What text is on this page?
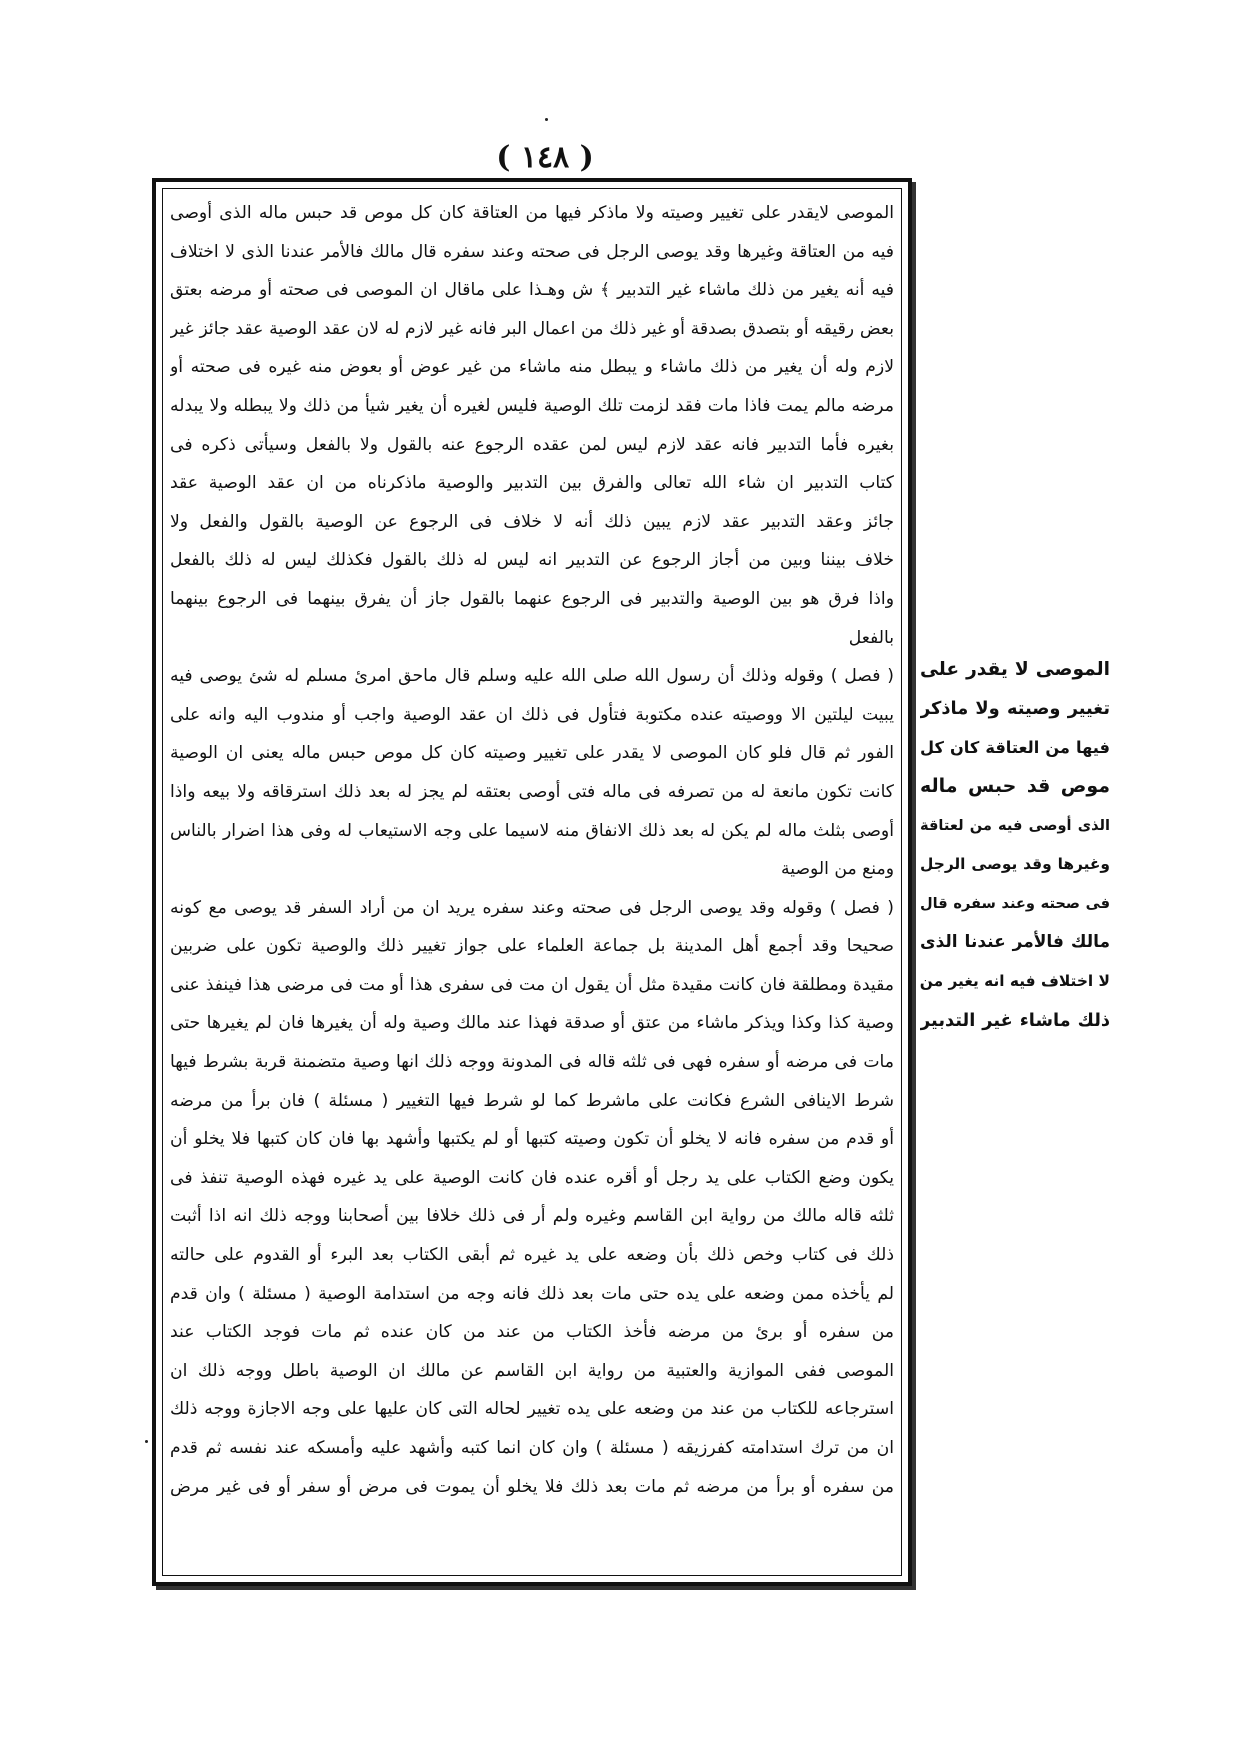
( ١٤٨ )
الموصى لايقدر على تغيير وصيته ولا ماذكر فيها من العتاقة كان كل موص قد حبس ماله الذى أوصى
فيه من العتاقة وغيرها وقد يوصى الرجل فى صحته وعند سفره قال مالك فالأمر عندنا الذى لا اختلاف
فيه أنه يغير من ذلك ماشاء غير التدبير ﴾ ش وهـذا على ماقال ان الموصى فى صحته أو مرضه بعتق
بعض رقيقه أو بتصدق بصدقة أو غير ذلك من اعمال البر فانه غير لازم له لان عقد الوصية عقد جائز غير
لازم وله أن يغير من ذلك ماشاء و يبطل منه ماشاء من غير عوض أو بعوض منه غيره فى صحته أو
مرضه مالم يمت فاذا مات فقد لزمت تلك الوصية فليس لغيره أن يغير شيأ من ذلك ولا يبطله ولا يبدله
بغيره فأما التدبير فانه عقد لازم ليس لمن عقده الرجوع عنه بالقول ولا بالفعل وسيأتى ذكره فى
كتاب التدبير ان شاء الله تعالى والفرق بين التدبير والوصية ماذكرناه من ان عقد الوصية عقد
جائز وعقد التدبير عقد لازم يبين ذلك أنه لا خلاف فى الرجوع عن الوصية بالقول والفعل ولا
خلاف بيننا وبين من أجاز الرجوع عن التدبير انه ليس له ذلك بالقول فكذلك ليس له ذلك بالفعل
واذا فرق هو بين الوصية والتدبير فى الرجوع عنهما بالقول جاز أن يفرق بينهما فى الرجوع بينهما
بالفعل
( فصل ) وقوله وذلك أن رسول الله صلى الله عليه وسلم قال ماحق امرئ مسلم له شئ يوصى فيه
يبيت ليلتين الا ووصيته عنده مكتوبة فتأول فى ذلك ان عقد الوصية واجب أو مندوب اليه وانه على
الفور ثم قال فلو كان الموصى لا يقدر على تغيير وصيته كان كل موص حبس ماله يعنى ان الوصية
كانت تكون مانعة له من تصرفه فى ماله فتى أوصى بعتقه لم يجز له بعد ذلك استرقاقه ولا بيعه واذا
أوصى بثلث ماله لم يكن له بعد ذلك الانفاق منه لاسيما على وجه الاستيعاب له وفى هذا اضرار بالناس
ومنع من الوصية
( فصل ) وقوله وقد يوصى الرجل فى صحته وعند سفره يريد ان من أراد السفر قد يوصى مع كونه
صحيحا وقد أجمع أهل المدينة بل جماعة العلماء على جواز تغيير ذلك والوصية تكون على ضربين
مقيدة ومطلقة فان كانت مقيدة مثل أن يقول ان مت فى سفرى هذا أو مت فى مرضى هذا فينفذ عنى
وصية كذا وكذا ويذكر ماشاء من عتق أو صدقة فهذا عند مالك وصية وله أن يغيرها فان لم يغيرها حتى
مات فى مرضه أو سفره فهى فى ثلثه قاله فى المدونة ووجه ذلك انها وصية متضمنة قربة بشرط فيها
شرط الاينافى الشرع فكانت على ماشرط كما لو شرط فيها التغيير ( مسئلة ) فان برأ من مرضه
أو قدم من سفره فانه لا يخلو أن تكون وصيته كتبها أو لم يكتبها وأشهد بها فان كان كتبها فلا يخلو أن
يكون وضع الكتاب على يد رجل أو أقره عنده فان كانت الوصية على يد غيره فهذه الوصية تنفذ فى
ثلثه قاله مالك من رواية ابن القاسم وغيره ولم أر فى ذلك خلافا بين أصحابنا ووجه ذلك انه اذا أثبت
ذلك فى كتاب وخص ذلك بأن وضعه على يد غيره ثم أبقى الكتاب بعد البرء أو القدوم على حالته
لم يأخذه ممن وضعه على يده حتى مات بعد ذلك فانه وجه من استدامة الوصية ( مسئلة ) وان قدم
من سفره أو برئ من مرضه فأخذ الكتاب من عند من كان عنده ثم مات فوجد الكتاب عند
الموصى ففى الموازية والعتبية من رواية ابن القاسم عن مالك ان الوصية باطل ووجه ذلك ان
استرجاعه للكتاب من عند من وضعه على يده تغيير لحاله التى كان عليها على وجه الاجازة ووجه ذلك
ان من ترك استدامته كفرزيقه ( مسئلة ) وان كان انما كتبه وأشهد عليه وأمسكه عند نفسه ثم قدم
من سفره أو برأ من مرضه ثم مات بعد ذلك فلا يخلو أن يموت فى مرض أو سفر أو فى غير مرض
الموصى لا يقدر على
تغيير وصيته ولا ماذكر
فيها من العتاقة كان كل
موص قد حبس ماله
الذى أوصى فيه من لعتاقة
وغيرها وقد يوصى الرجل
فى صحته وعند سفره قال
مالك فالأمر عندنا الذى
لا اختلاف فيه انه يغير من
ذلك ماشاء غير التدبير
